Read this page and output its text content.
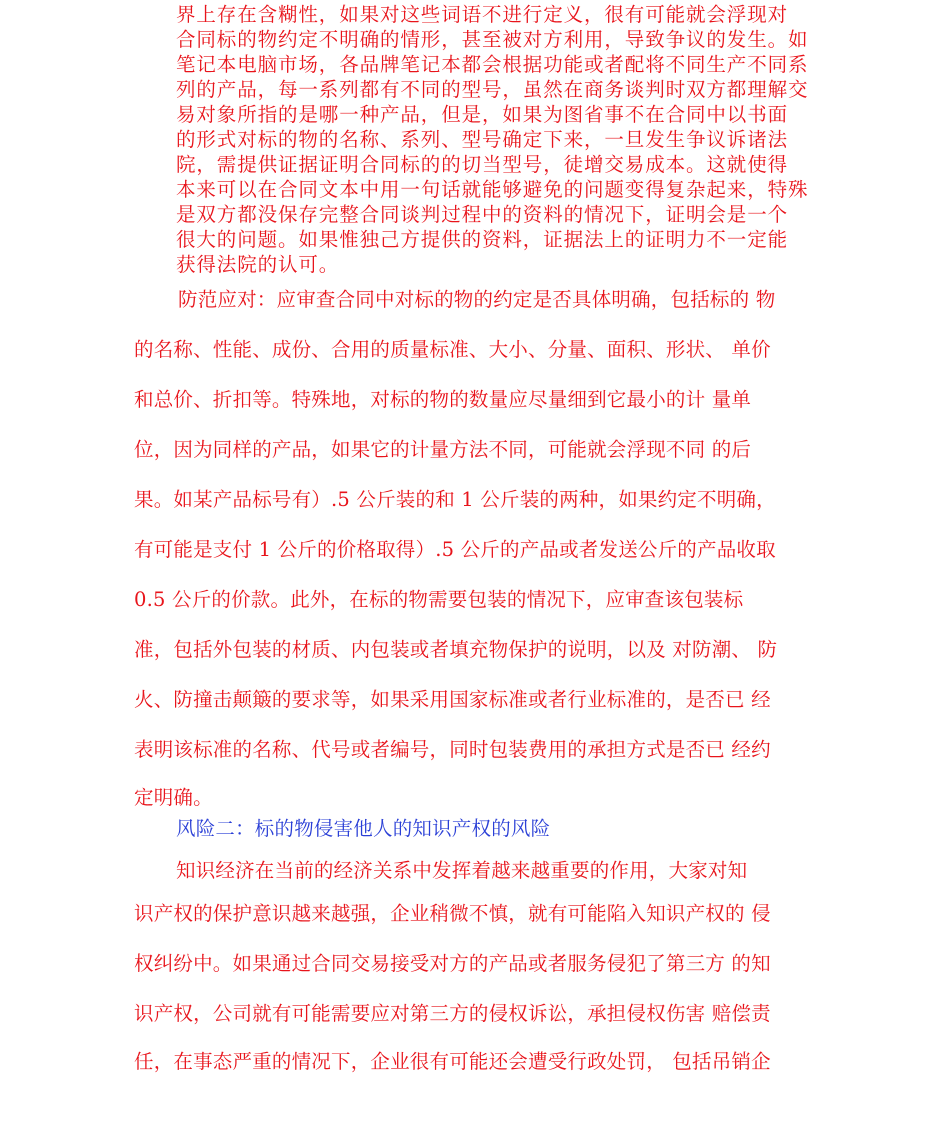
界上存在含糊性，如果对这些词语不进行定义，很有可能就会浮现对
合同标的物约定不明确的情形，甚至被对方利用，导致争议的发生。如
笔记本电脑市场，各品牌笔记本都会根据功能或者配将不同生产不同系
列的产品，每一系列都有不同的型号，虽然在商务谈判时双方都理解交
易对象所指的是哪一种产品，但是，如果为图省事不在合同中以书面
的形式对标的物的名称、系列、型号确定下来，一旦发生争议诉诸法
院，需提供证据证明合同标的的切当型号，徒增交易成本。这就使得
本来可以在合同文本中用一句话就能够避免的问题变得复杂起来，特殊
是双方都没保存完整合同谈判过程中的资料的情况下，证明会是一个
很大的问题。如果惟独己方提供的资料，证据法上的证明力不一定能
获得法院的认可。
防范应对：应审查合同中对标的物的约定是否具体明确，包括标的 物
的名称、性能、成份、合用的质量标准、大小、分量、面积、形状、 单价
和总价、折扣等。特殊地，对标的物的数量应尽量细到它最小的计 量单
位，因为同样的产品，如果它的计量方法不同，可能就会浮现不同 的后
果。如某产品标号有）.5 公斤装的和 1 公斤装的两种，如果约定不明确，
有可能是支付 1 公斤的价格取得）.5 公斤的产品或者发送公斤的产品收取
0.5 公斤的价款。此外，在标的物需要包装的情况下，应审查该包装标
准，包括外包装的材质、内包装或者填充物保护的说明，以及 对防潮、 防
火、防撞击颠簸的要求等，如果采用国家标准或者行业标准的，是否已 经
表明该标准的名称、代号或者编号，同时包装费用的承担方式是否已 经约
定明确。
风险二：标的物侵害他人的知识产权的风险
知识经济在当前的经济关系中发挥着越来越重要的作用，大家对知
识产权的保护意识越来越强，企业稍微不慎，就有可能陷入知识产权的 侵
权纠纷中。如果通过合同交易接受对方的产品或者服务侵犯了第三方 的知
识产权，公司就有可能需要应对第三方的侵权诉讼，承担侵权伤害 赔偿责
任，在事态严重的情况下，企业很有可能还会遭受行政处罚， 包括吊销企
